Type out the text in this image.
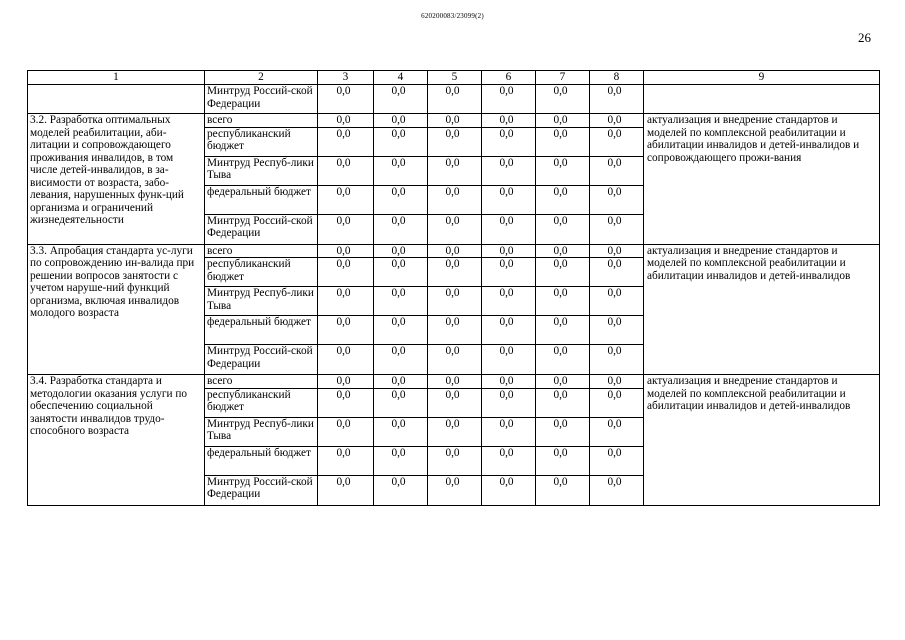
620200083/23099(2)
26
1	2	3	4	5	6	7	8	9
	Минтруд Россий-ской Федерации	0,0	0,0	0,0	0,0	0,0	0,0	
3.2. Разработка оптимальных моделей реабилитации, аби-литации и сопровождающего проживания инвалидов, в том числе детей-инвалидов, в за-висимости от возраста, забо-левания, нарушенных функ-ций организма и ограничений жизнедеятельности	всего	0,0	0,0	0,0	0,0	0,0	0,0	актуализация и внедрение стандартов и моделей по комплексной реабилитации и абилитации инвалидов и детей-инвалидов и сопровождающего прожи-вания
	республиканский бюджет	0,0	0,0	0,0	0,0	0,0	0,0	
	Минтруд Респуб-лики Тыва	0,0	0,0	0,0	0,0	0,0	0,0	
	федеральный бюджет	0,0	0,0	0,0	0,0	0,0	0,0	
	Минтруд Россий-ской Федерации	0,0	0,0	0,0	0,0	0,0	0,0	
3.3. Апробация стандарта ус-луги по сопровождению ин-валида при решении вопросов занятости с учетом наруше-ний функций организма, включая инвалидов молодого возраста	всего	0,0	0,0	0,0	0,0	0,0	0,0	актуализация и внедрение стандартов и моделей по комплексной реабилитации и абилитации инвалидов и детей-инвалидов
	республиканский бюджет	0,0	0,0	0,0	0,0	0,0	0,0	
	Минтруд Респуб-лики Тыва	0,0	0,0	0,0	0,0	0,0	0,0	
	федеральный бюджет	0,0	0,0	0,0	0,0	0,0	0,0	
	Минтруд Россий-ской Федерации	0,0	0,0	0,0	0,0	0,0	0,0	
3.4. Разработка стандарта и методологии оказания услуги по обеспечению социальной занятости инвалидов трудо-способного возраста	всего	0,0	0,0	0,0	0,0	0,0	0,0	актуализация и внедрение стандартов и моделей по комплексной реабилитации и абилитации инвалидов и детей-инвалидов
	республиканский бюджет	0,0	0,0	0,0	0,0	0,0	0,0	
	Минтруд Респуб-лики Тыва	0,0	0,0	0,0	0,0	0,0	0,0	
	федеральный бюджет	0,0	0,0	0,0	0,0	0,0	0,0	
	Минтруд Россий-ской Федерации	0,0	0,0	0,0	0,0	0,0	0,0	
